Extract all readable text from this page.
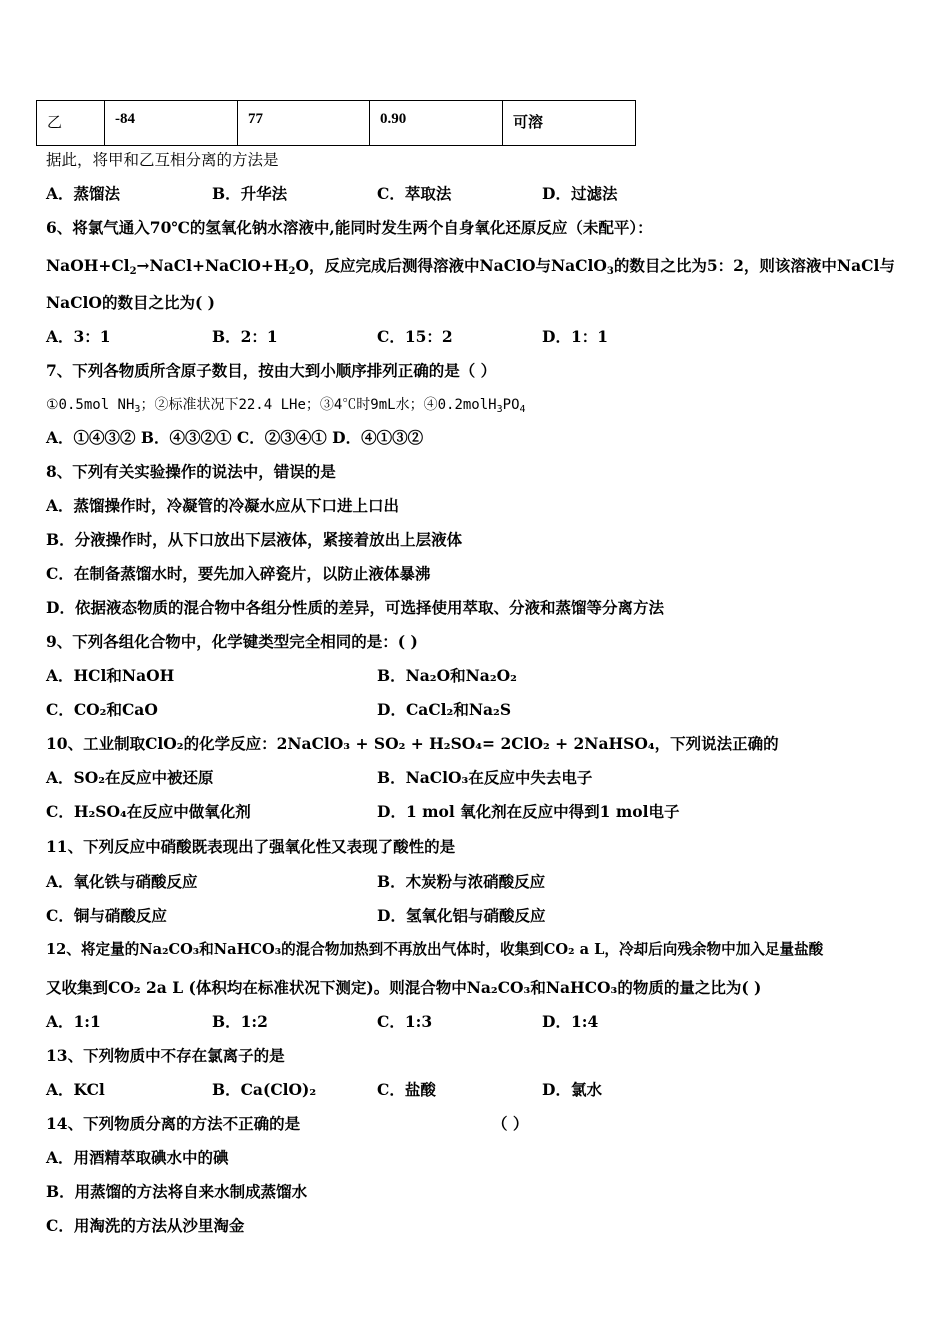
乙	-84	77	0.90	可溶
据此，将甲和乙互相分离的方法是
A．蒸馏法	B．升华法	C．萃取法	D．过滤法
6、将氯气通入70℃的氢氧化钠水溶液中,能同时发生两个自身氧化还原反应（未配平）：
$NaOH+Cl_2\to NaCl+NaClO+H_2O$，反应完成后测得溶液中NaClO与NaClO$_3$的数目之比为5：2，则该溶液中NaCl与
NaClO的数目之比为( )
A．3：1	B．2：1	C．15：2	D．1：1
7、下列各物质所含原子数目，按由大到小顺序排列正确的是（ ）
①0.5mol $NH_3$；②标准状况下22.4 LHe；③4℃时9mL水；$④0.2molH_3PO_4$
A．①④③② B．④③②① C．②③④① D．④①③②
8、下列有关实验操作的说法中，错误的是
A．蒸馏操作时，冷凝管的冷凝水应从下口进上口出
B．分液操作时，从下口放出下层液体，紧接着放出上层液体
C．在制备蒸馏水时，要先加入碎瓷片，以防止液体暴沸
D．依据液态物质的混合物中各组分性质的差异，可选择使用萃取、分液和蒸馏等分离方法
9、下列各组化合物中，化学键类型完全相同的是：( )
A．HCl和NaOH	B．Na₂O和Na₂O₂
C．CO₂和CaO	D．CaCl₂和Na₂S
10、工业制取ClO₂的化学反应：2NaClO₃ + SO₂ + H₂SO₄= 2ClO₂ + 2NaHSO₄，下列说法正确的
A．SO₂在反应中被还原	B．NaClO₃在反应中失去电子
C．H₂SO₄在反应中做氧化剂	D．1 mol 氧化剂在反应中得到1 mol电子
11、下列反应中硝酸既表现出了强氧化性又表现了酸性的是
A．氧化铁与硝酸反应	B．木炭粉与浓硝酸反应
C．铜与硝酸反应	D．氢氧化铝与硝酸反应
12、将定量的Na₂CO₃和NaHCO₃的混合物加热到不再放出气体时，收集到CO₂ a L，冷却后向残余物中加入足量盐酸
又收集到CO₂ 2a L (体积均在标准状况下测定)。则混合物中Na₂CO₃和NaHCO₃的物质的量之比为( )
A．1:1	B．1:2	C．1:3	D．1:4
13、下列物质中不存在氯离子的是
A．KCl	B．Ca(ClO)₂	C．盐酸	D．氯水
14、下列物质分离的方法不正确的是	（ ）
A．用酒精萃取碘水中的碘
B．用蒸馏的方法将自来水制成蒸馏水
C．用淘洗的方法从沙里淘金
